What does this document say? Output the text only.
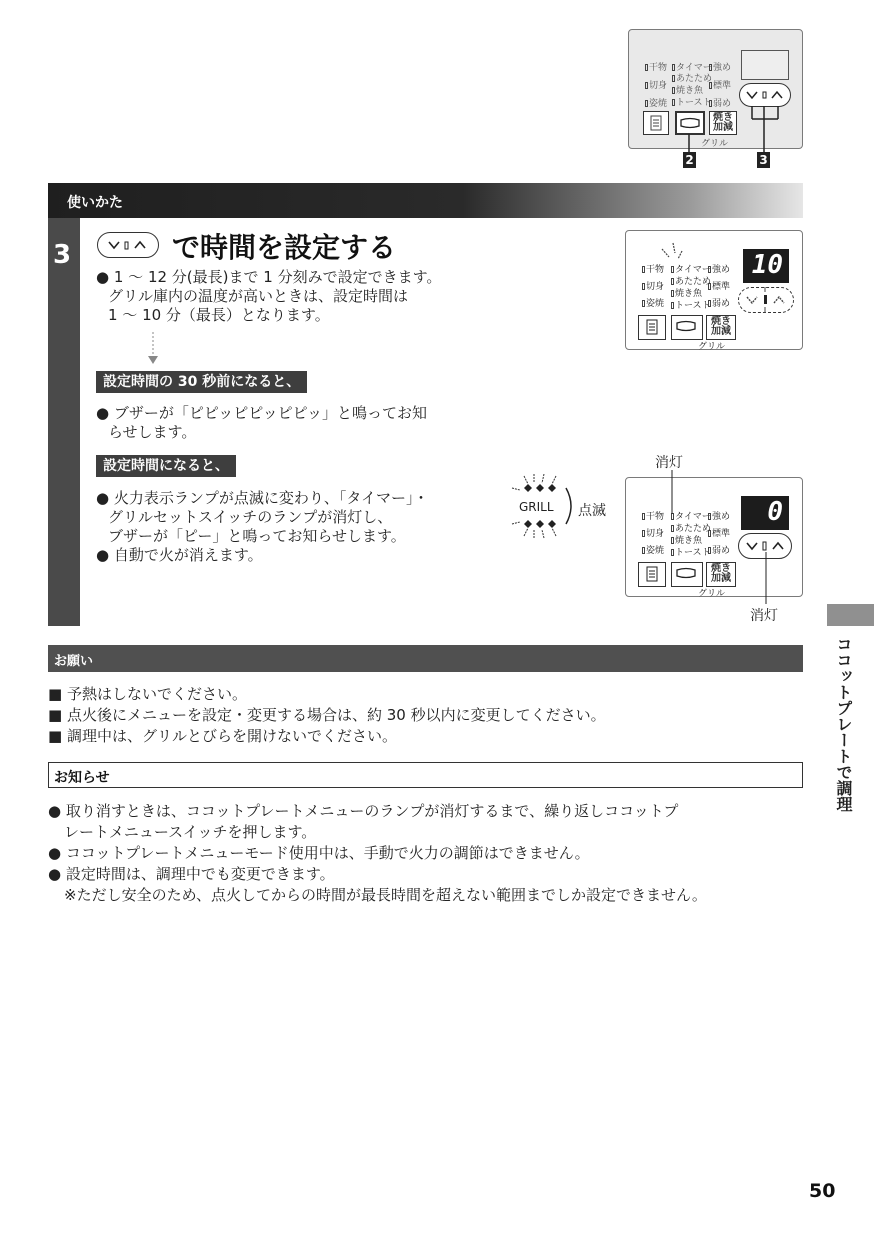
干物
切身
姿焼
タイマー
あたため
焼き魚
トースト
強め
標準
弱め
焼き
加減
グリル
2	3
使いかた
3	で時間を設定する
● 1 ～ 12 分(最長)まで 1 分刻みで設定できます。
グリル庫内の温度が高いときは、設定時間は
1 ～ 10 分（最長）となります。
10
干物
切身
姿焼
タイマー
あたため
焼き魚
トースト
強め
標準
弱め
焼き
加減
グリル
設定時間の 30 秒前になると、
● ブザーが「ピピッピピッピピッ」と鳴ってお知
らせします。
設定時間になると、
● 火力表示ランプが点滅に変わり、「タイマー」・
グリルセットスイッチのランプが消灯し、
ブザーが「ピー」と鳴ってお知らせします。
● 自動で火が消えます。
GRILL 点滅
消灯
0
干物
切身
姿焼
タイマー
あたため
焼き魚
トースト
強め
標準
弱め
焼き
加減
グリル
消灯
ココットプレートで調理
お願い
■ 予熱はしないでください。
■ 点火後にメニューを設定・変更する場合は、約 30 秒以内に変更してください。
■ 調理中は、グリルとびらを開けないでください。
お知らせ
● 取り消すときは、ココットプレートメニューのランプが消灯するまで、繰り返しココットプ
レートメニュースイッチを押します。
● ココットプレートメニューモード使用中は、手動で火力の調節はできません。
● 設定時間は、調理中でも変更できます。
※ただし安全のため、点火してからの時間が最長時間を超えない範囲までしか設定できません。
50
